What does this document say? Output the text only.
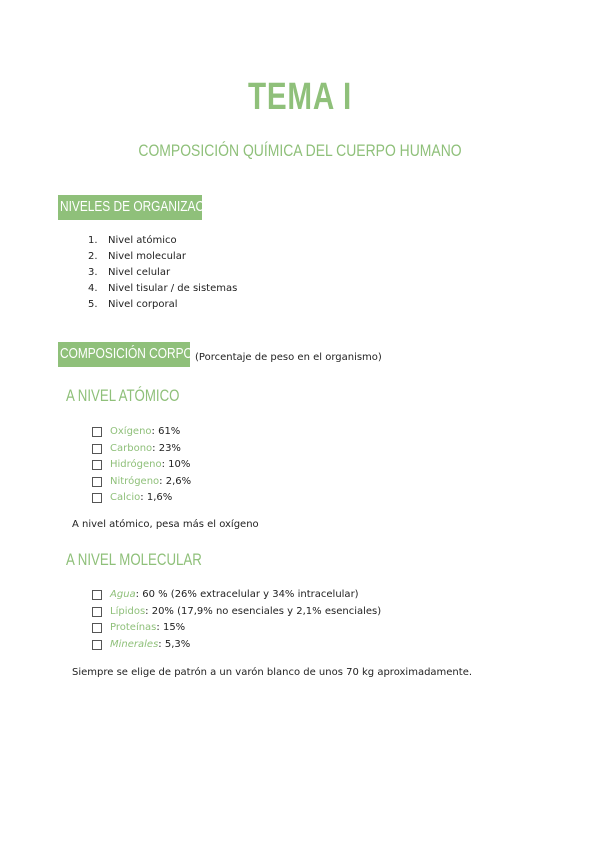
TEMA I
COMPOSICIÓN QUÍMICA DEL CUERPO HUMANO
NIVELES DE ORGANIZACIÓN
1. Nivel atómico
2. Nivel molecular
3. Nivel celular
4. Nivel tisular / de sistemas
5. Nivel corporal
COMPOSICIÓN CORPORAL
(Porcentaje de peso en el organismo)
A NIVEL ATÓMICO
Oxígeno : 61%
Carbono : 23%
Hidrógeno : 10%
Nitrógeno : 2,6%
Calcio : 1,6%
A nivel atómico, pesa más el oxígeno
A NIVEL MOLECULAR
Agua : 60 % (26% extracelular y 34% intracelular)
Lípidos : 20% (17,9% no esenciales y 2,1% esenciales)
Proteínas : 15%
Minerales : 5,3%
Siempre se elige de patrón a un varón blanco de unos 70 kg aproximadamente.
